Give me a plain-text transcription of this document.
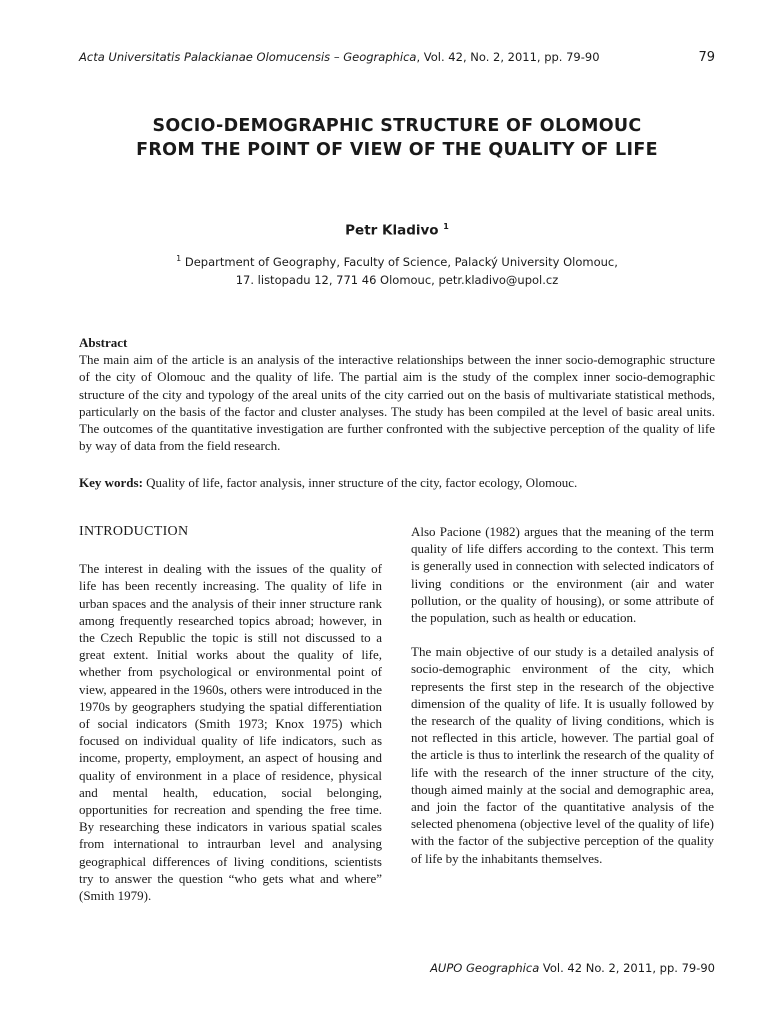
Acta Universitatis Palackianae Olomucensis – Geographica, Vol. 42, No. 2, 2011, pp. 79-90	79
SOCIO-DEMOGRAPHIC STRUCTURE OF OLOMOUC
FROM THE POINT OF VIEW OF THE QUALITY OF LIFE
Petr Kladivo $^1$
$^1$ Department of Geography, Faculty of Science, Palacký University Olomouc,
17. listopadu 12, 771 46 Olomouc, petr.kladivo@upol.cz
Abstract
The main aim of the article is an analysis of the interactive relationships between the inner socio-demographic structure of the city of Olomouc and the quality of life. The partial aim is the study of the complex inner socio-demographic structure of the city and typology of the areal units of the city carried out on the basis of multivariate statistical methods, particularly on the basis of the factor and cluster analyses. The study has been compiled at the level of basic areal units. The outcomes of the quantitative investigation are further confronted with the subjective perception of the quality of life by way of data from the field research.
Key words: Quality of life, factor analysis, inner structure of the city, factor ecology, Olomouc.
INTRODUCTION

The interest in dealing with the issues of the quality of life has been recently increasing. The quality of life in urban spaces and the analysis of their inner structure rank among frequently researched topics abroad; however, in the Czech Republic the topic is still not discussed to a great extent. Initial works about the quality of life, whether from psychological or environmental point of view, appeared in the 1960s, others were introduced in the 1970s by geographers studying the spatial differentiation of social indicators (Smith 1973; Knox 1975) which focused on individual quality of life indicators, such as income, property, employment, an aspect of housing and quality of environment in a place of residence, physical and mental health, education, social belonging, opportunities for recreation and spending the free time. By researching these indicators in various spatial scales from international to intraurban level and analysing geographical differences of living conditions, scientists try to answer the question “who gets what and where” (Smith 1979).

Also Pacione (1982) argues that the meaning of the term quality of life differs according to the context. This term is generally used in connection with selected indicators of living conditions or the environment (air and water pollution, or the quality of housing), or some attribute of the population, such as health or education.

The main objective of our study is a detailed analysis of socio-demographic environment of the city, which represents the first step in the research of the objective dimension of the quality of life. It is usually followed by the research of the quality of living conditions, which is not reflected in this article, however. The partial goal of the article is thus to interlink the research of the quality of life with the research of the inner structure of the city, though aimed mainly at the social and demographic area, and join the factor of the quantitative analysis of the selected phenomena (objective level of the quality of life) with the factor of the subjective perception of the quality of life by the inhabitants themselves.

AUPO Geographica Vol. 42 No. 2, 2011, pp. 79-90
